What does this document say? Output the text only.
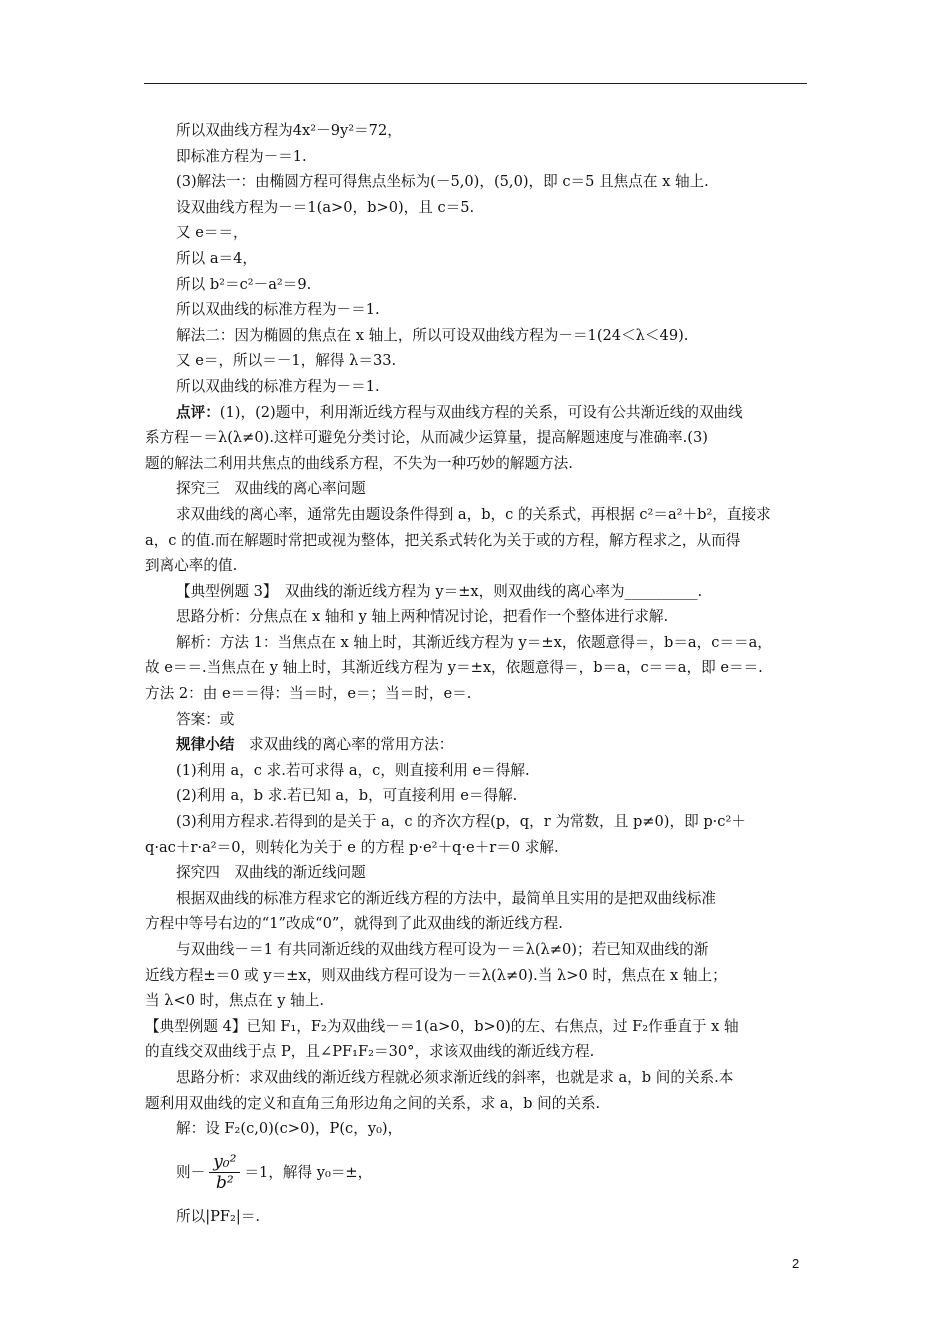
所以双曲线方程为4x²－9y²＝72，

即标准方程为－＝1.

(3)解法一：由椭圆方程可得焦点坐标为(－5,0)，(5,0)，即 c＝5 且焦点在 x 轴上.

设双曲线方程为－＝1(a>0，b>0)，且 c＝5.

又 e＝＝，

所以 a＝4，

所以 b²＝c²－a²＝9.

所以双曲线的标准方程为－＝1.

解法二：因为椭圆的焦点在 x 轴上，所以可设双曲线方程为－＝1(24＜λ＜49).

又 e＝，所以＝－1，解得 λ＝33.

所以双曲线的标准方程为－＝1.

点评：(1)，(2)题中，利用渐近线方程与双曲线方程的关系，可设有公共渐近线的双曲线

系方程－＝λ(λ≠0).这样可避免分类讨论，从而减少运算量，提高解题速度与准确率.(3)

题的解法二利用共焦点的曲线系方程，不失为一种巧妙的解题方法.

探究三　双曲线的离心率问题

求双曲线的离心率，通常先由题设条件得到 a，b，c 的关系式，再根据 c²＝a²＋b²，直接求

a，c 的值.而在解题时常把或视为整体，把关系式转化为关于或的方程，解方程求之，从而得

到离心率的值.

【典型例题 3】　双曲线的渐近线方程为 y＝±x，则双曲线的离心率为__________.

思路分析：分焦点在 x 轴和 y 轴上两种情况讨论，把看作一个整体进行求解.

解析：方法 1：当焦点在 x 轴上时，其渐近线方程为 y＝±x，依题意得＝，b＝a，c＝＝a，

故 e＝＝.当焦点在 y 轴上时，其渐近线方程为 y＝±x，依题意得＝，b＝a，c＝＝a，即 e＝＝.

方法 2：由 e＝＝得：当＝时，e＝；当＝时，e＝.

答案：或

规律小结　求双曲线的离心率的常用方法：

(1)利用 a，c 求.若可求得 a，c，则直接利用 e＝得解.

(2)利用 a，b 求.若已知 a，b，可直接利用 e＝得解.

(3)利用方程求.若得到的是关于 a，c 的齐次方程(p，q，r 为常数，且 p≠0)，即 p·c²＋

q·ac＋r·a²＝0，则转化为关于 e 的方程 p·e²＋q·e＋r＝0 求解.

探究四　双曲线的渐近线问题

根据双曲线的标准方程求它的渐近线方程的方法中，最简单且实用的是把双曲线标准

方程中等号右边的“1”改成“0”，就得到了此双曲线的渐近线方程.

与双曲线－＝1 有共同渐近线的双曲线方程可设为－＝λ(λ≠0)；若已知双曲线的渐

近线方程±＝0 或 y＝±x，则双曲线方程可设为－＝λ(λ≠0).当 λ>0 时，焦点在 x 轴上；

当 λ<0 时，焦点在 y 轴上.

【典型例题 4】已知 F₁，F₂为双曲线－＝1(a>0，b>0)的左、右焦点，过 F₂作垂直于 x 轴

的直线交双曲线于点 P，且∠PF₁F₂＝30°，求该双曲线的渐近线方程.

思路分析：求双曲线的渐近线方程就必须求渐近线的斜率，也就是求 a，b 间的关系.本

题利用双曲线的定义和直角三角形边角之间的关系，求 a，b 间的关系.

解：设 F₂(c,0)(c>0)，P(c，y₀)，

则－ $\frac{\text{y₀²}}{\text{b²}} =1$，解得 y₀＝±，

所以|PF₂|＝.

2
